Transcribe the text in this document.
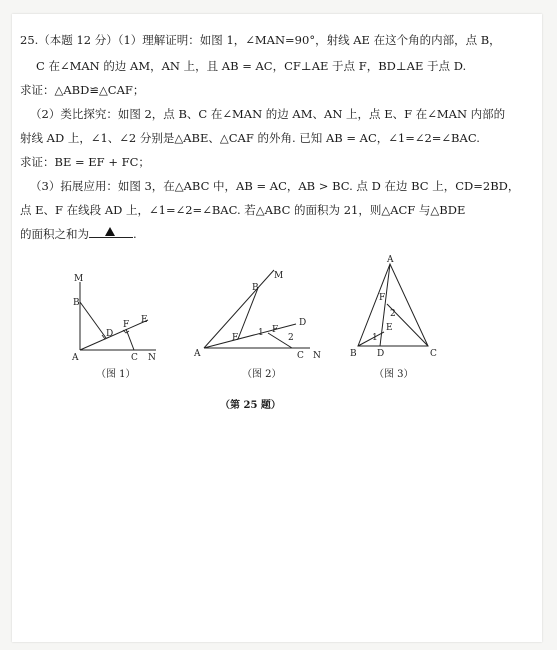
25.（本题 12 分）（1）理解证明：如图 1，∠MAN=90°，射线 AE 在这个角的内部，点 B，
C 在∠MAN 的边 AM，AN 上，且 AB = AC，CF⊥AE 于点 F，BD⊥AE 于点 D.
求证：△ABD≌△CAF；
（2）类比探究：如图 2，点 B、C 在∠MAN 的边 AM、AN 上，点 E、F 在∠MAN 内部的
射线 AD 上，∠1、∠2 分别是△ABE、△CAF 的外角. 已知 AB = AC，∠1=∠2=∠BAC.
求证：BE = EF + FC；
（3）拓展应用：如图 3，在△ABC 中，AB = AC，AB > BC. 点 D 在边 BC 上，CD=2BD，
点 E、F 在线段 AD 上，∠1=∠2=∠BAC. 若△ABC 的面积为 21，则△ACF 与△BDE
的面积之和为	.
M
B
D
F E
A	C N
（图 1）
M
B
D
E 1 F
2
A	C N
（图 2）
A
F
2
E
1
B D	C
（图 3）
（第 25 题）
